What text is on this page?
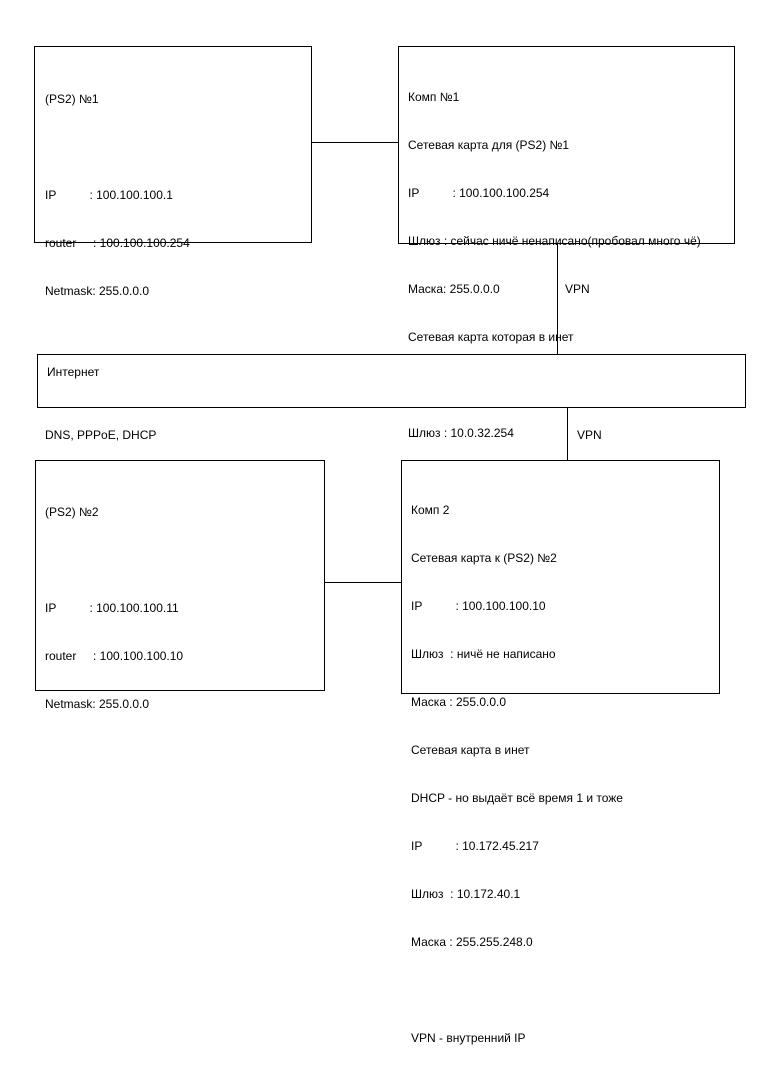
VPN
VPN

(PS2) №1

IP          : 100.100.100.1

router     : 100.100.100.254

Netmask: 255.0.0.0

DNS, PPPoE, DHCP

Комп №1

Сетевая карта для (PS2) №1

IP          : 100.100.100.254

Шлюз : сейчас ничё ненаписано(пробовал много чё)

Маска: 255.0.0.0

Сетевая карта которая в инет

Шлюз : 10.0.32.254

Интернет

(PS2) №2

IP          : 100.100.100.11

router     : 100.100.100.10

Netmask: 255.0.0.0

Комп 2

Сетевая карта к (PS2) №2

IP          : 100.100.100.10

Шлюз  : ничё не написано

Маска : 255.0.0.0

Сетевая карта в инет

DHCP - но выдаёт всё время 1 и тоже

IP          : 10.172.45.217

Шлюз  : 10.172.40.1

Маска : 255.255.248.0

VPN - внутренний IP
